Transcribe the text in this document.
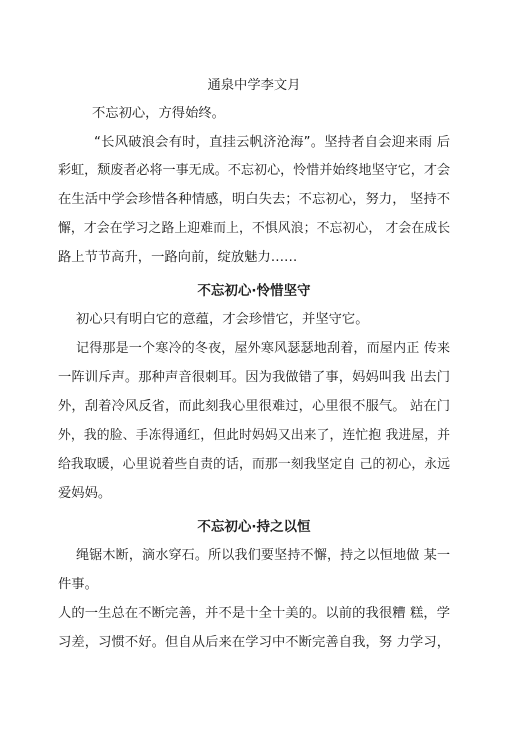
通泉中学李文月
不忘初心，方得始终。
“长风破浪会有时，直挂云帆济沧海”。坚持者自会迎来雨 后
彩虹，颓废者必将一事无成。不忘初心，怜惜并始终地坚守它，才会
在生活中学会珍惜各种情感，明白失去；不忘初心，努力， 坚持不
懈，才会在学习之路上迎难而上，不惧风浪；不忘初心， 才会在成长
路上节节高升，一路向前，绽放魅力……
不忘初心·怜惜坚守
初心只有明白它的意蕴，才会珍惜它，并坚守它。
记得那是一个寒冷的冬夜，屋外寒风瑟瑟地刮着，而屋内正 传来
一阵训斥声。那种声音很刺耳。因为我做错了事，妈妈叫我 出去门
外，刮着冷风反省，而此刻我心里很难过，心里很不服气。 站在门
外，我的脸、手冻得通红，但此时妈妈又出来了，连忙抱 我进屋，并
给我取暖，心里说着些自责的话，而那一刻我坚定自 己的初心，永远
爱妈妈。
不忘初心·持之以恒
绳锯木断，滴水穿石。所以我们要坚持不懈，持之以恒地做 某一
件事。
人的一生总在不断完善，并不是十全十美的。以前的我很糟 糕，学
习差，习惯不好。但自从后来在学习中不断完善自我，努 力学习，
